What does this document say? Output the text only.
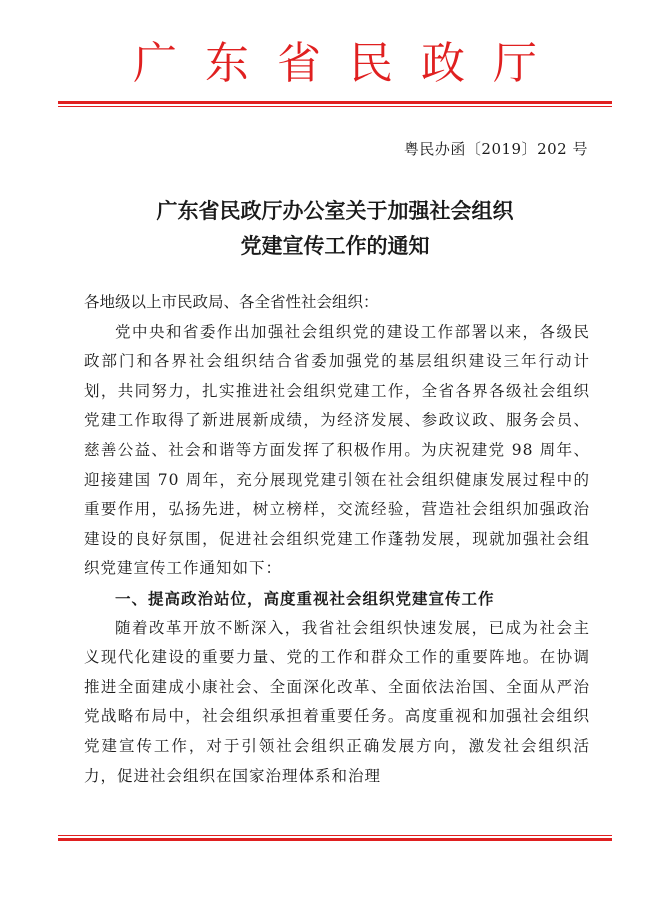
广东省民政厅
粤民办函〔2019〕202 号
广东省民政厅办公室关于加强社会组织
党建宣传工作的通知

各地级以上市民政局、各全省性社会组织：

党中央和省委作出加强社会组织党的建设工作部署以来，各级民政部门和各界社会组织结合省委加强党的基层组织建设三年行动计划，共同努力，扎实推进社会组织党建工作，全省各界各级社会组织党建工作取得了新进展新成绩，为经济发展、参政议政、服务会员、慈善公益、社会和谐等方面发挥了积极作用。为庆祝建党 98 周年、迎接建国 70 周年，充分展现党建引领在社会组织健康发展过程中的重要作用，弘扬先进，树立榜样，交流经验，营造社会组织加强政治建设的良好氛围，促进社会组织党建工作蓬勃发展，现就加强社会组织党建宣传工作通知如下：

一、提高政治站位，高度重视社会组织党建宣传工作

随着改革开放不断深入，我省社会组织快速发展，已成为社会主义现代化建设的重要力量、党的工作和群众工作的重要阵地。在协调推进全面建成小康社会、全面深化改革、全面依法治国、全面从严治党战略布局中，社会组织承担着重要任务。高度重视和加强社会组织党建宣传工作，对于引领社会组织正确发展方向，激发社会组织活力，促进社会组织在国家治理体系和治理
